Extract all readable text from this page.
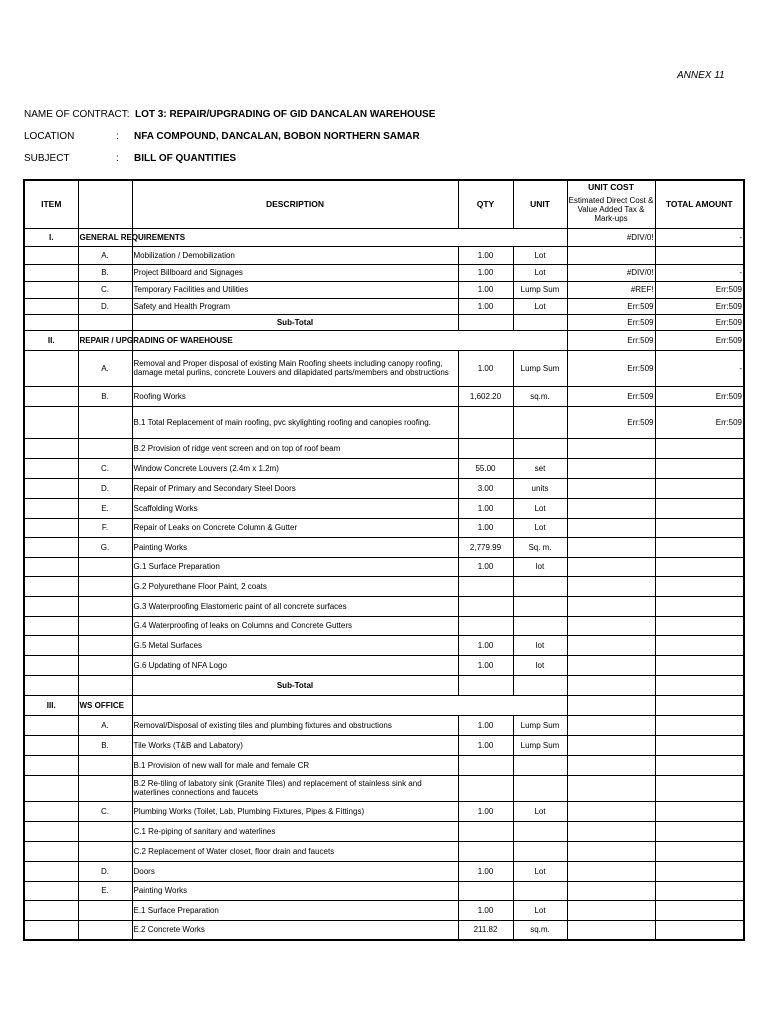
ANNEX 11
NAME OF CONTRACT: LOT 3: REPAIR/UPGRADING OF GID DANCALAN WAREHOUSE
LOCATION	: NFA COMPOUND, DANCALAN, BOBON NORTHERN SAMAR
SUBJECT	: BILL OF QUANTITIES
ITEM		DESCRIPTION	QTY	UNIT	UNIT COST
Estimated Direct Cost & Value Added Tax & Mark-ups	TOTAL AMOUNT
I.	GENERAL REQUIREMENTS				#DIV/0!	-
	A.	Mobilization / Demobilization	1.00	Lot		
	B.	Project Billboard and Signages	1.00	Lot	#DIV/0!	-
	C.	Temporary Facilities and Utilities	1.00	Lump Sum	#REF!	Err:509
	D.	Safety and Health Program	1.00	Lot	Err:509	Err:509
		Sub-Total			Err:509	Err:509
II.	REPAIR / UPGRADING OF WAREHOUSE				Err:509	Err:509
	A.	Removal and Proper disposal of existing Main Roofing sheets including canopy roofing, damage metal purlins, concrete Louvers and dilapidated parts/members and obstructions	1.00	Lump Sum	Err:509	-
	B.	Roofing Works	1,602.20	sq.m.	Err:509	Err:509
		B.1 Total Replacement of main roofing, pvc skylighting roofing and canopies roofing.			Err:509	Err:509
		B.2 Provision of ridge vent screen and on top of roof beam				
	C.	Window Concrete Louvers (2.4m x 1.2m)	55.00	set		
	D.	Repair of Primary and Secondary Steel Doors	3.00	units		
	E.	Scaffolding Works	1.00	Lot		
	F.	Repair of Leaks on Concrete Column & Gutter	1.00	Lot		
	G.	Painting Works	2,779.99	Sq. m.		
		G.1 Surface Preparation	1.00	lot		
		G.2 Polyurethane Floor Paint, 2 coats				
		G.3 Waterproofing Elastomeric paint of all concrete surfaces				
		G.4 Waterproofing of leaks on Columns and Concrete Gutters				
		G.5 Metal Surfaces	1.00	lot		
		G.6 Updating of NFA Logo	1.00	lot		
		Sub-Total				
III.	WS OFFICE					
	A.	Removal/Disposal of existing tiles and plumbing fixtures and obstructions	1.00	Lump Sum		
	B.	Tile Works (T&B and Labatory)	1.00	Lump Sum		
		B.1 Provision of new wall for male and female CR				
		B.2 Re-tiling of labatory sink (Granite Tiles) and replacement of stainless sink and waterlines connections and faucets				
	C.	Plumbing Works (Toilet, Lab, Plumbing Fixtures, Pipes & Fittings)	1.00	Lot		
		C.1 Re-piping of sanitary and waterlines				
		C.2 Replacement of Water closet, floor drain and faucets				
	D.	Doors	1.00	Lot		
	E.	Painting Works				
		E.1 Surface Preparation	1.00	Lot		
		E.2 Concrete Works	211.82	sq.m.		
